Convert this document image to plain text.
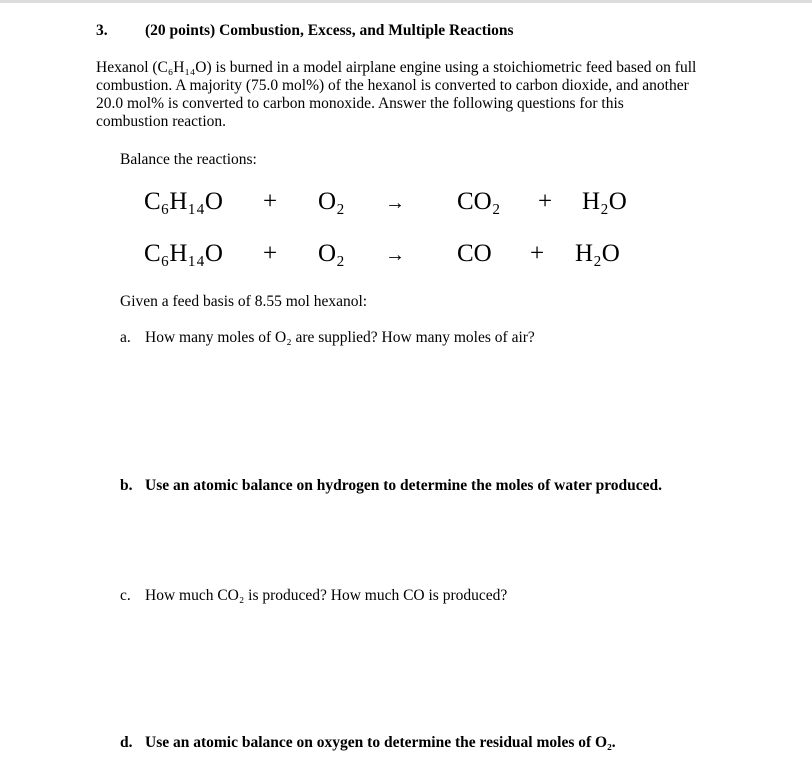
3. (20 points) Combustion, Excess, and Multiple Reactions
Hexanol (C₆H₁₄O) is burned in a model airplane engine using a stoichiometric feed based on full
combustion. A majority (75.0 mol%) of the hexanol is converted to carbon dioxide, and another
20.0 mol% is converted to carbon monoxide. Answer the following questions for this
combustion reaction.
Balance the reactions:
C₆H₁₄O + O₂ → CO₂ + H₂O
C₆H₁₄O + O₂ → CO + H₂O
Given a feed basis of 8.55 mol hexanol:
a. How many moles of O₂ are supplied? How many moles of air?
b. Use an atomic balance on hydrogen to determine the moles of water produced.
c. How much CO₂ is produced? How much CO is produced?
d. Use an atomic balance on oxygen to determine the residual moles of O₂.
